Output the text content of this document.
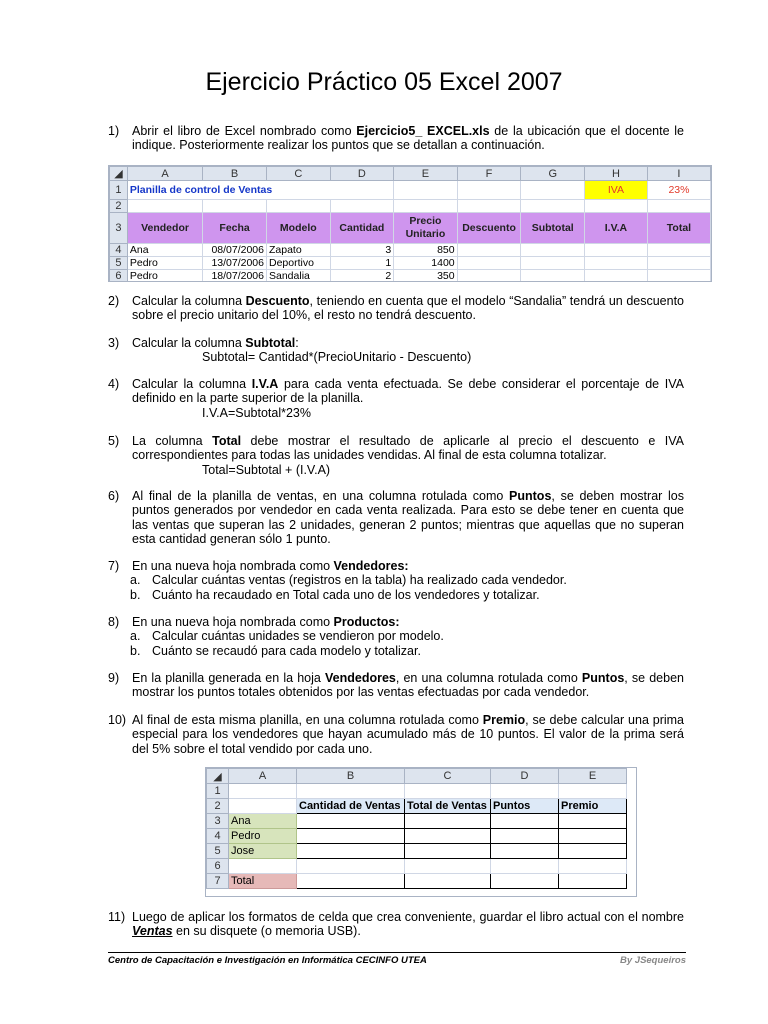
Ejercicio Práctico 05 Excel 2007
1) Abrir el libro de Excel nombrado como Ejercicio5_ EXCEL.xls de la ubicación que el docente le indique. Posteriormente realizar los puntos que se detallan a continuación.
◢	A	B	C	D	E	F	G	H	I
1	Planilla de control de Ventas							IVA	23%
2									
3	Vendedor	Fecha	Modelo	Cantidad	Precio Unitario	Descuento	Subtotal	I.V.A	Total
4	Ana	08/07/2006	Zapato	3	850				
5	Pedro	13/07/2006	Deportivo	1	1400				
6	Pedro	18/07/2006	Sandalia	2	350				

2) Calcular la columna Descuento, teniendo en cuenta que el modelo “Sandalia” tendrá un descuento sobre el precio unitario del 10%, el resto no tendrá descuento.
3) Calcular la columna Subtotal:
Subtotal= Cantidad*(PrecioUnitario - Descuento)
4) Calcular la columna I.V.A para cada venta efectuada. Se debe considerar el porcentaje de IVA definido en la parte superior de la planilla.
I.V.A=Subtotal*23%
5) La columna Total debe mostrar el resultado de aplicarle al precio el descuento e IVA correspondientes para todas las unidades vendidas. Al final de esta columna totalizar.
Total=Subtotal + (I.V.A)
6) Al final de la planilla de ventas, en una columna rotulada como Puntos, se deben mostrar los puntos generados por vendedor en cada venta realizada. Para esto se debe tener en cuenta que las ventas que superan las 2 unidades, generan 2 puntos; mientras que aquellas que no superan esta cantidad generan sólo 1 punto.
7) En una nueva hoja nombrada como Vendedores:
a. Calcular cuántas ventas (registros en la tabla) ha realizado cada vendedor.
b. Cuánto ha recaudado en Total cada uno de los vendedores y totalizar.
8) En una nueva hoja nombrada como Productos:
a. Calcular cuántas unidades se vendieron por modelo.
b. Cuánto se recaudó para cada modelo y totalizar.
9) En la planilla generada en la hoja Vendedores, en una columna rotulada como Puntos, se deben mostrar los puntos totales obtenidos por las ventas efectuadas por cada vendedor.
10) Al final de esta misma planilla, en una columna rotulada como Premio, se debe calcular una prima especial para los vendedores que hayan acumulado más de 10 puntos. El valor de la prima será del 5% sobre el total vendido por cada uno.
◢	A	B	C	D	E
1					
2		Cantidad de Ventas	Total de Ventas	Puntos	Premio
3	Ana				
4	Pedro				
5	Jose				
6					
7	Total				
11) Luego de aplicar los formatos de celda que crea conveniente, guardar el libro actual con el nombre Ventas en su disquete (o memoria USB).
Centro de Capacitación e Investigación en Informática CECINFO UTEA	By JSequeiros
